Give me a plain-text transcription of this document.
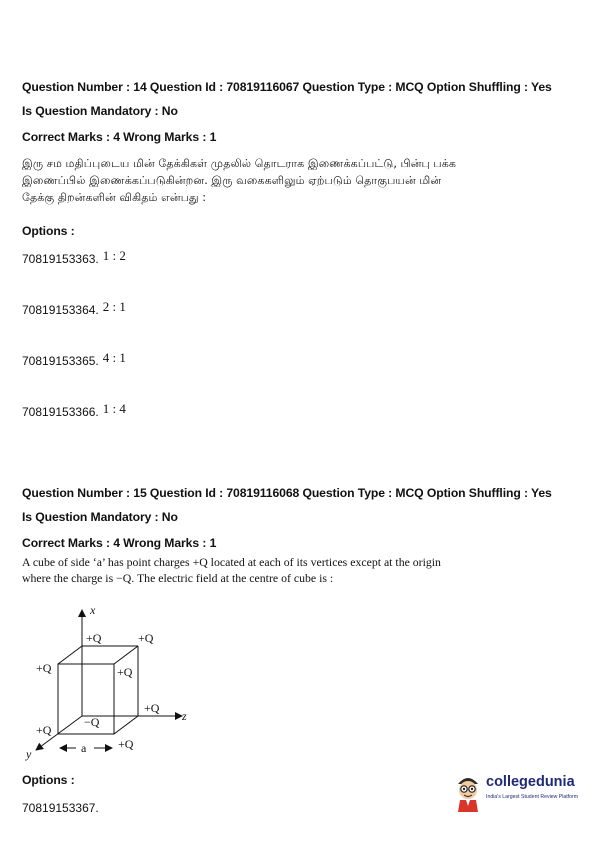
Question Number : 14 Question Id : 70819116067 Question Type : MCQ Option Shuffling : Yes
Is Question Mandatory : No
Correct Marks : 4 Wrong Marks : 1
இரு சம மதிப்புடைய மின் தேக்கிகள் முதலில் தொடராக இணைக்கப்பட்டு, பின்பு பக்க
இணைப்பில் இணைக்கப்படுகின்றன. இரு வகைகளிலும் ஏற்படும் தொகுபயன் மின்
தேக்கு திறன்களின் விகிதம் என்பது :
Options :
70819153363. 1 : 2
70819153364. 2 : 1
70819153365. 4 : 1
70819153366. 1 : 4
Question Number : 15 Question Id : 70819116068 Question Type : MCQ Option Shuffling : Yes
Is Question Mandatory : No
Correct Marks : 4 Wrong Marks : 1
A cube of side ‘a’ has point charges +Q located at each of its vertices except at the origin
where the charge is −Q. The electric field at the centre of cube is :
x
z
y
+Q	+Q
+Q	+Q
+Q
−Q
+Q
+Q
a
Options :
70819153367.
collegedunia
India's Largest Student Review Platform
